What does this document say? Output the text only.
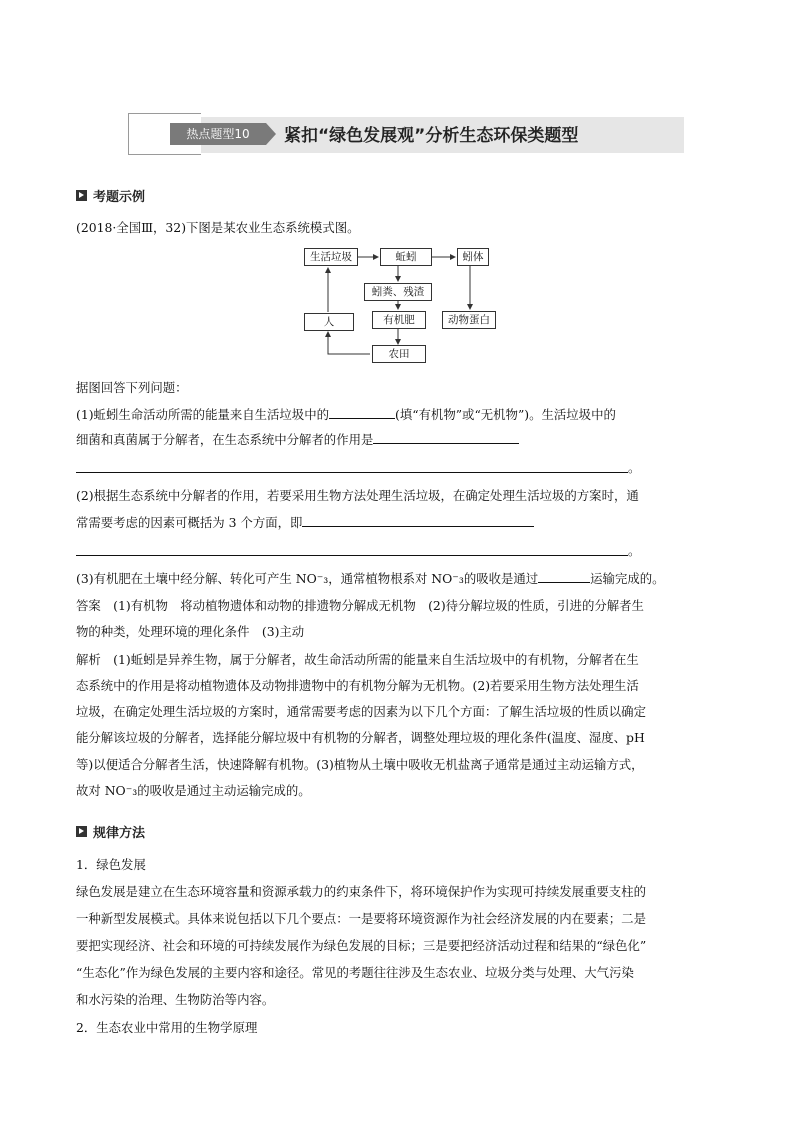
热点题型10	紧扣“绿色发展观”分析生态环保类题型
考题示例
(2018·全国Ⅲ，32)下图是某农业生态系统模式图。
生活垃圾	蚯蚓	蚓体
蚓粪、残渣
有机肥	动物蛋白
人
农田
据图回答下列问题：
(1)蚯蚓生命活动所需的能量来自生活垃圾中的	(填“有机物”或“无机物”)。生活垃圾中的
细菌和真菌属于分解者，在生态系统中分解者的作用是
。
(2)根据生态系统中分解者的作用，若要采用生物方法处理生活垃圾，在确定处理生活垃圾的方案时，通
常需要考虑的因素可概括为 3 个方面，即
。
(3)有机肥在土壤中经分解、转化可产生 NO⁻₃，通常植物根系对 NO⁻₃的吸收是通过	运输完成的。
答案　 (1)有机物　将动植物遗体和动物的排遗物分解成无机物　(2)待分解垃圾的性质，引进的分解者生
物的种类，处理环境的理化条件　(3)主动
解析　 (1)蚯蚓是异养生物，属于分解者，故生命活动所需的能量来自生活垃圾中的有机物，分解者在生
态系统中的作用是将动植物遗体及动物排遗物中的有机物分解为无机物。(2)若要采用生物方法处理生活
垃圾，在确定处理生活垃圾的方案时，通常需要考虑的因素为以下几个方面：了解生活垃圾的性质以确定
能分解该垃圾的分解者，选择能分解垃圾中有机物的分解者，调整处理垃圾的理化条件(温度、湿度、pH
等)以便适合分解者生活，快速降解有机物。(3)植物从土壤中吸收无机盐离子通常是通过主动运输方式，
故对 NO⁻₃的吸收是通过主动运输完成的。
规律方法
1．绿色发展
绿色发展是建立在生态环境容量和资源承载力的约束条件下，将环境保护作为实现可持续发展重要支柱的
一种新型发展模式。具体来说包括以下几个要点：一是要将环境资源作为社会经济发展的内在要素；二是
要把实现经济、社会和环境的可持续发展作为绿色发展的目标；三是要把经济活动过程和结果的“绿色化”
“生态化”作为绿色发展的主要内容和途径。常见的考题往往涉及生态农业、垃圾分类与处理、大气污染
和水污染的治理、生物防治等内容。
2．生态农业中常用的生物学原理
